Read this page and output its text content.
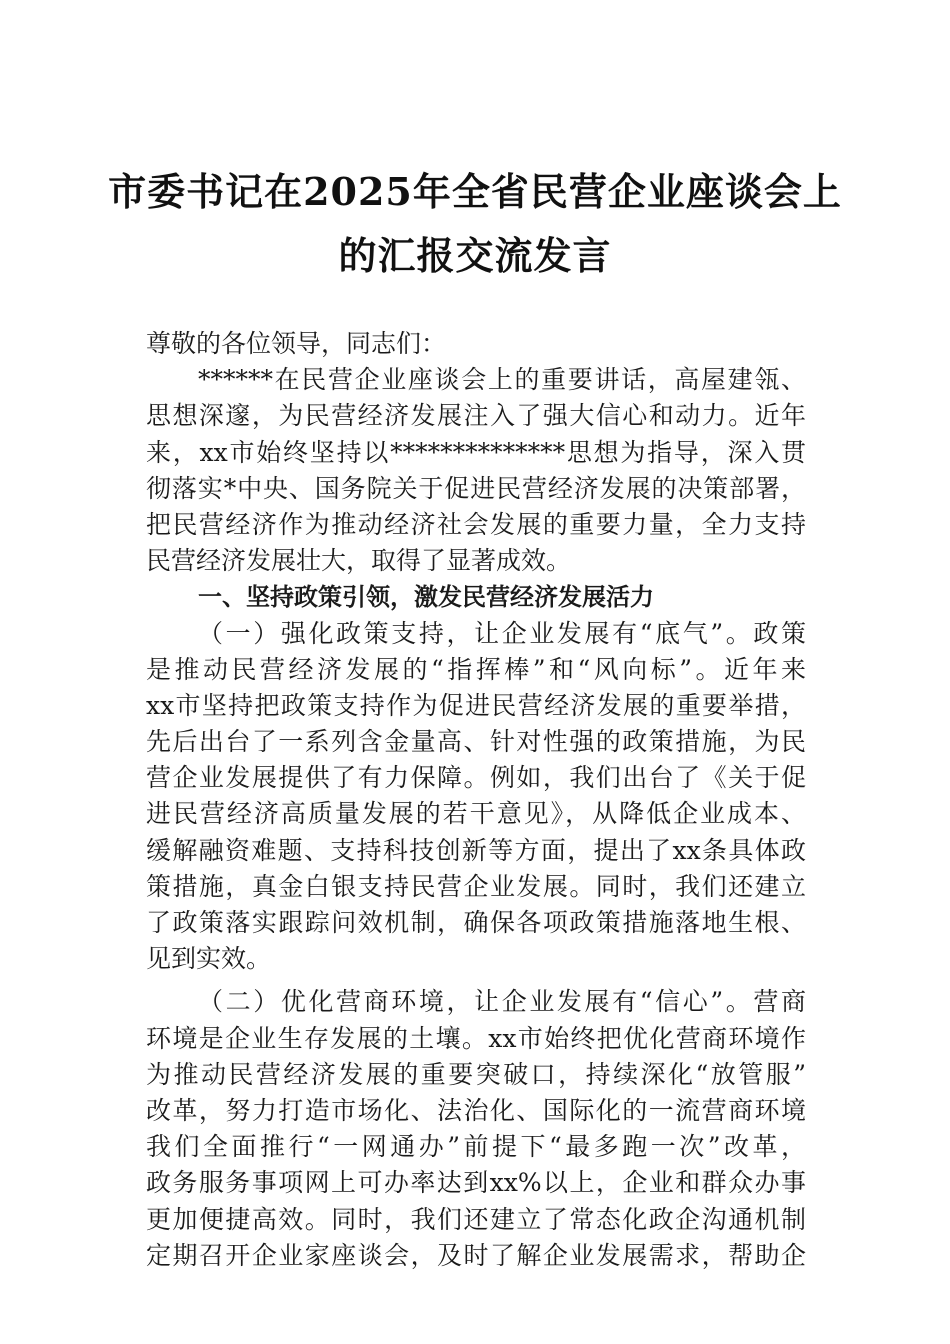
市委书记在2025年全省民营企业座谈会上
的汇报交流发言
尊敬的各位领导，同志们：
******在民营企业座谈会上的重要讲话，高屋建瓴、
思想深邃，为民营经济发展注入了强大信心和动力。近年
来，xx市始终坚持以**************思想为指导，深入贯
彻落实*中央、国务院关于促进民营经济发展的决策部署，
把民营经济作为推动经济社会发展的重要力量，全力支持
民营经济发展壮大，取得了显著成效。
一、坚持政策引领，激发民营经济发展活力
（一）强化政策支持，让企业发展有“底气”。政策
是推动民营经济发展的“指挥棒”和“风向标”。近年来
xx市坚持把政策支持作为促进民营经济发展的重要举措，
先后出台了一系列含金量高、针对性强的政策措施，为民
营企业发展提供了有力保障。例如，我们出台了《关于促
进民营经济高质量发展的若干意见》，从降低企业成本、
缓解融资难题、支持科技创新等方面，提出了xx条具体政
策措施，真金白银支持民营企业发展。同时，我们还建立
了政策落实跟踪问效机制，确保各项政策措施落地生根、
见到实效。
（二）优化营商环境，让企业发展有“信心”。营商
环境是企业生存发展的土壤。xx市始终把优化营商环境作
为推动民营经济发展的重要突破口，持续深化“放管服”
改革，努力打造市场化、法治化、国际化的一流营商环境
我们全面推行“一网通办”前提下“最多跑一次”改革，
政务服务事项网上可办率达到xx%以上，企业和群众办事
更加便捷高效。同时，我们还建立了常态化政企沟通机制
定期召开企业家座谈会，及时了解企业发展需求，帮助企
